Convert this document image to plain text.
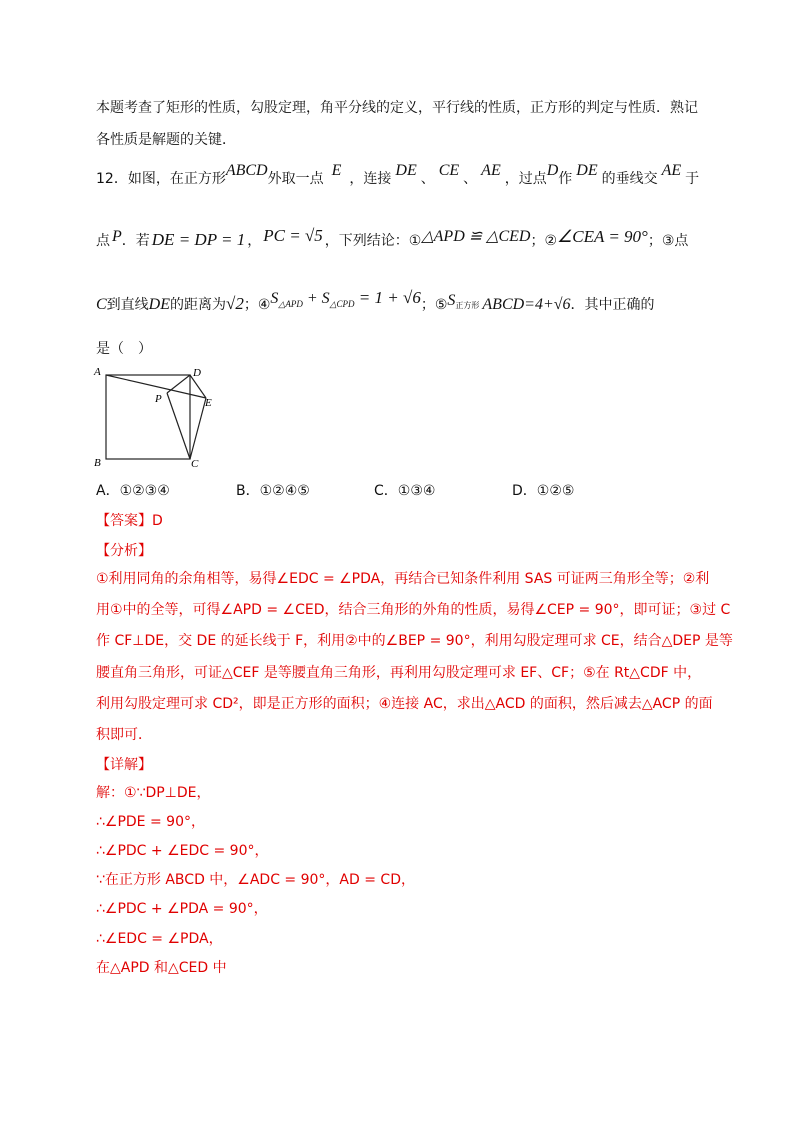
本题考查了矩形的性质，勾股定理，角平分线的定义，平行线的性质，正方形的判定与性质．熟记
各性质是解题的关键．
12．如图，在正方形ABCD外取一点 E ，连接 DE 、 CE 、 AE ，过点D作 DE 的垂线交 AE 于
点 P．若 DE = DP = 1 ， PC = √5 ，下列结论：①△APD ≌ △CED；②∠CEA = 90°；③点
C到直线DE的距离为√2；④S△APD + S△CPD = 1 + √6；⑤S正方形 ABCD=4+√6．其中正确的
是（　）
A
B	C
D
E
P
A．①②③④	B．①②④⑤	C．①③④	D．①②⑤
【答案】D
【分析】
①利用同角的余角相等，易得∠EDC = ∠PDA，再结合已知条件利用 SAS 可证两三角形全等；②利
用①中的全等，可得∠APD = ∠CED，结合三角形的外角的性质，易得∠CEP = 90°，即可证；③过 C
作 CF⊥DE，交 DE 的延长线于 F，利用②中的∠BEP = 90°，利用勾股定理可求 CE，结合△DEP 是等
腰直角三角形，可证△CEF 是等腰直角三角形，再利用勾股定理可求 EF、CF；⑤在 Rt△CDF 中，
利用勾股定理可求 CD²，即是正方形的面积；④连接 AC，求出△ACD 的面积，然后减去△ACP 的面
积即可．
【详解】
解：①∵DP⊥DE，
∴∠PDE = 90°，
∴∠PDC + ∠EDC = 90°，
∵在正方形 ABCD 中，∠ADC = 90°，AD = CD，
∴∠PDC + ∠PDA = 90°，
∴∠EDC = ∠PDA，
在△APD 和△CED 中
